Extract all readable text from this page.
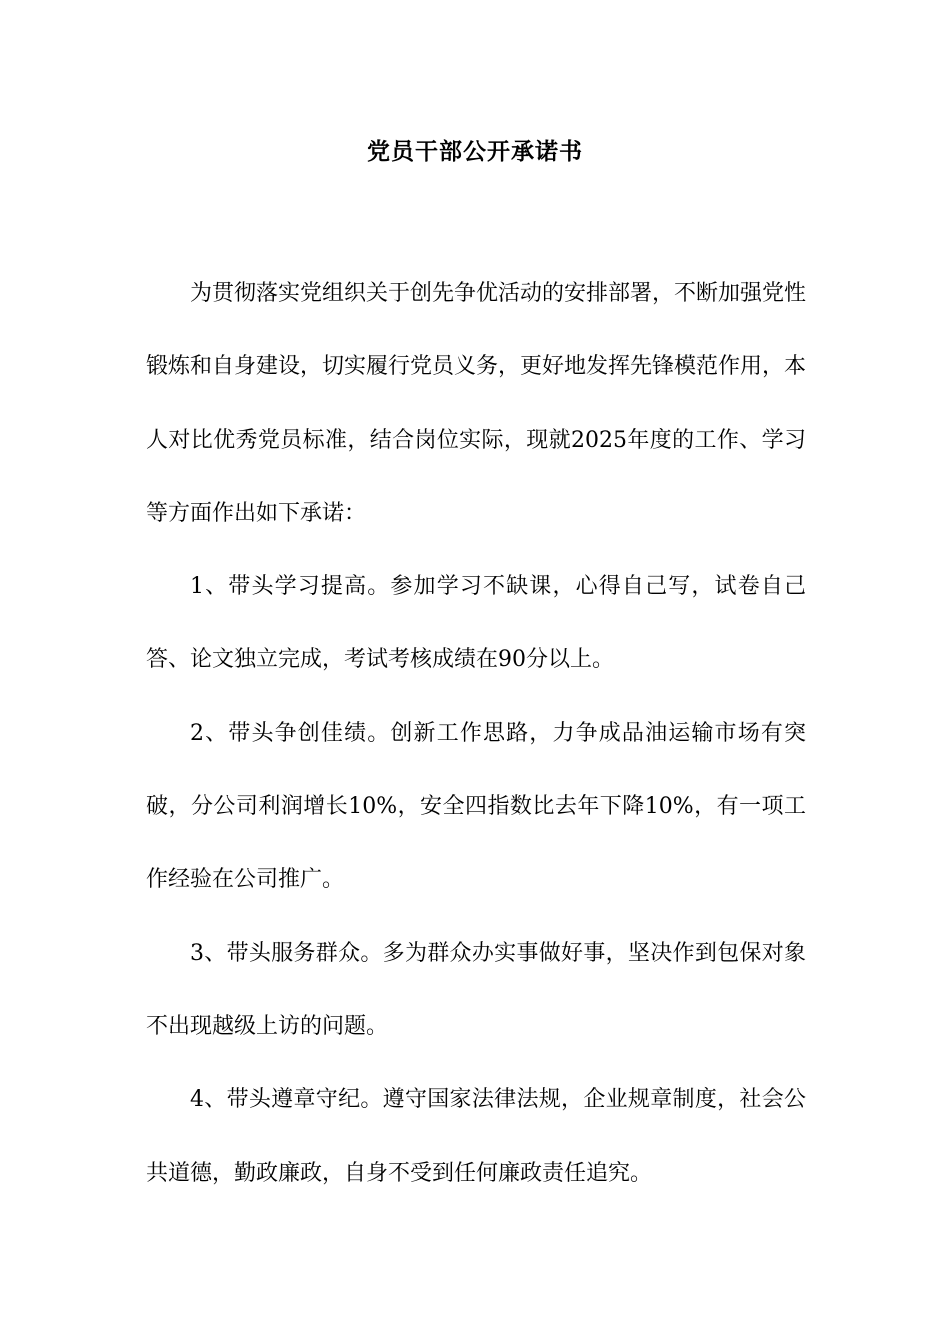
党员干部公开承诺书

为贯彻落实党组织关于创先争优活动的安排部署，不断加强党性锻炼和自身建设，切实履行党员义务，更好地发挥先锋模范作用，本人对比优秀党员标准，结合岗位实际，现就2025年度的工作、学习等方面作出如下承诺：

1、带头学习提高。参加学习不缺课，心得自己写，试卷自己答、论文独立完成，考试考核成绩在90分以上。

2、带头争创佳绩。创新工作思路，力争成品油运输市场有突破，分公司利润增长10%，安全四指数比去年下降10%，有一项工作经验在公司推广。

3、带头服务群众。多为群众办实事做好事，坚决作到包保对象不出现越级上访的问题。

4、带头遵章守纪。遵守国家法律法规，企业规章制度，社会公共道德，勤政廉政，自身不受到任何廉政责任追究。
